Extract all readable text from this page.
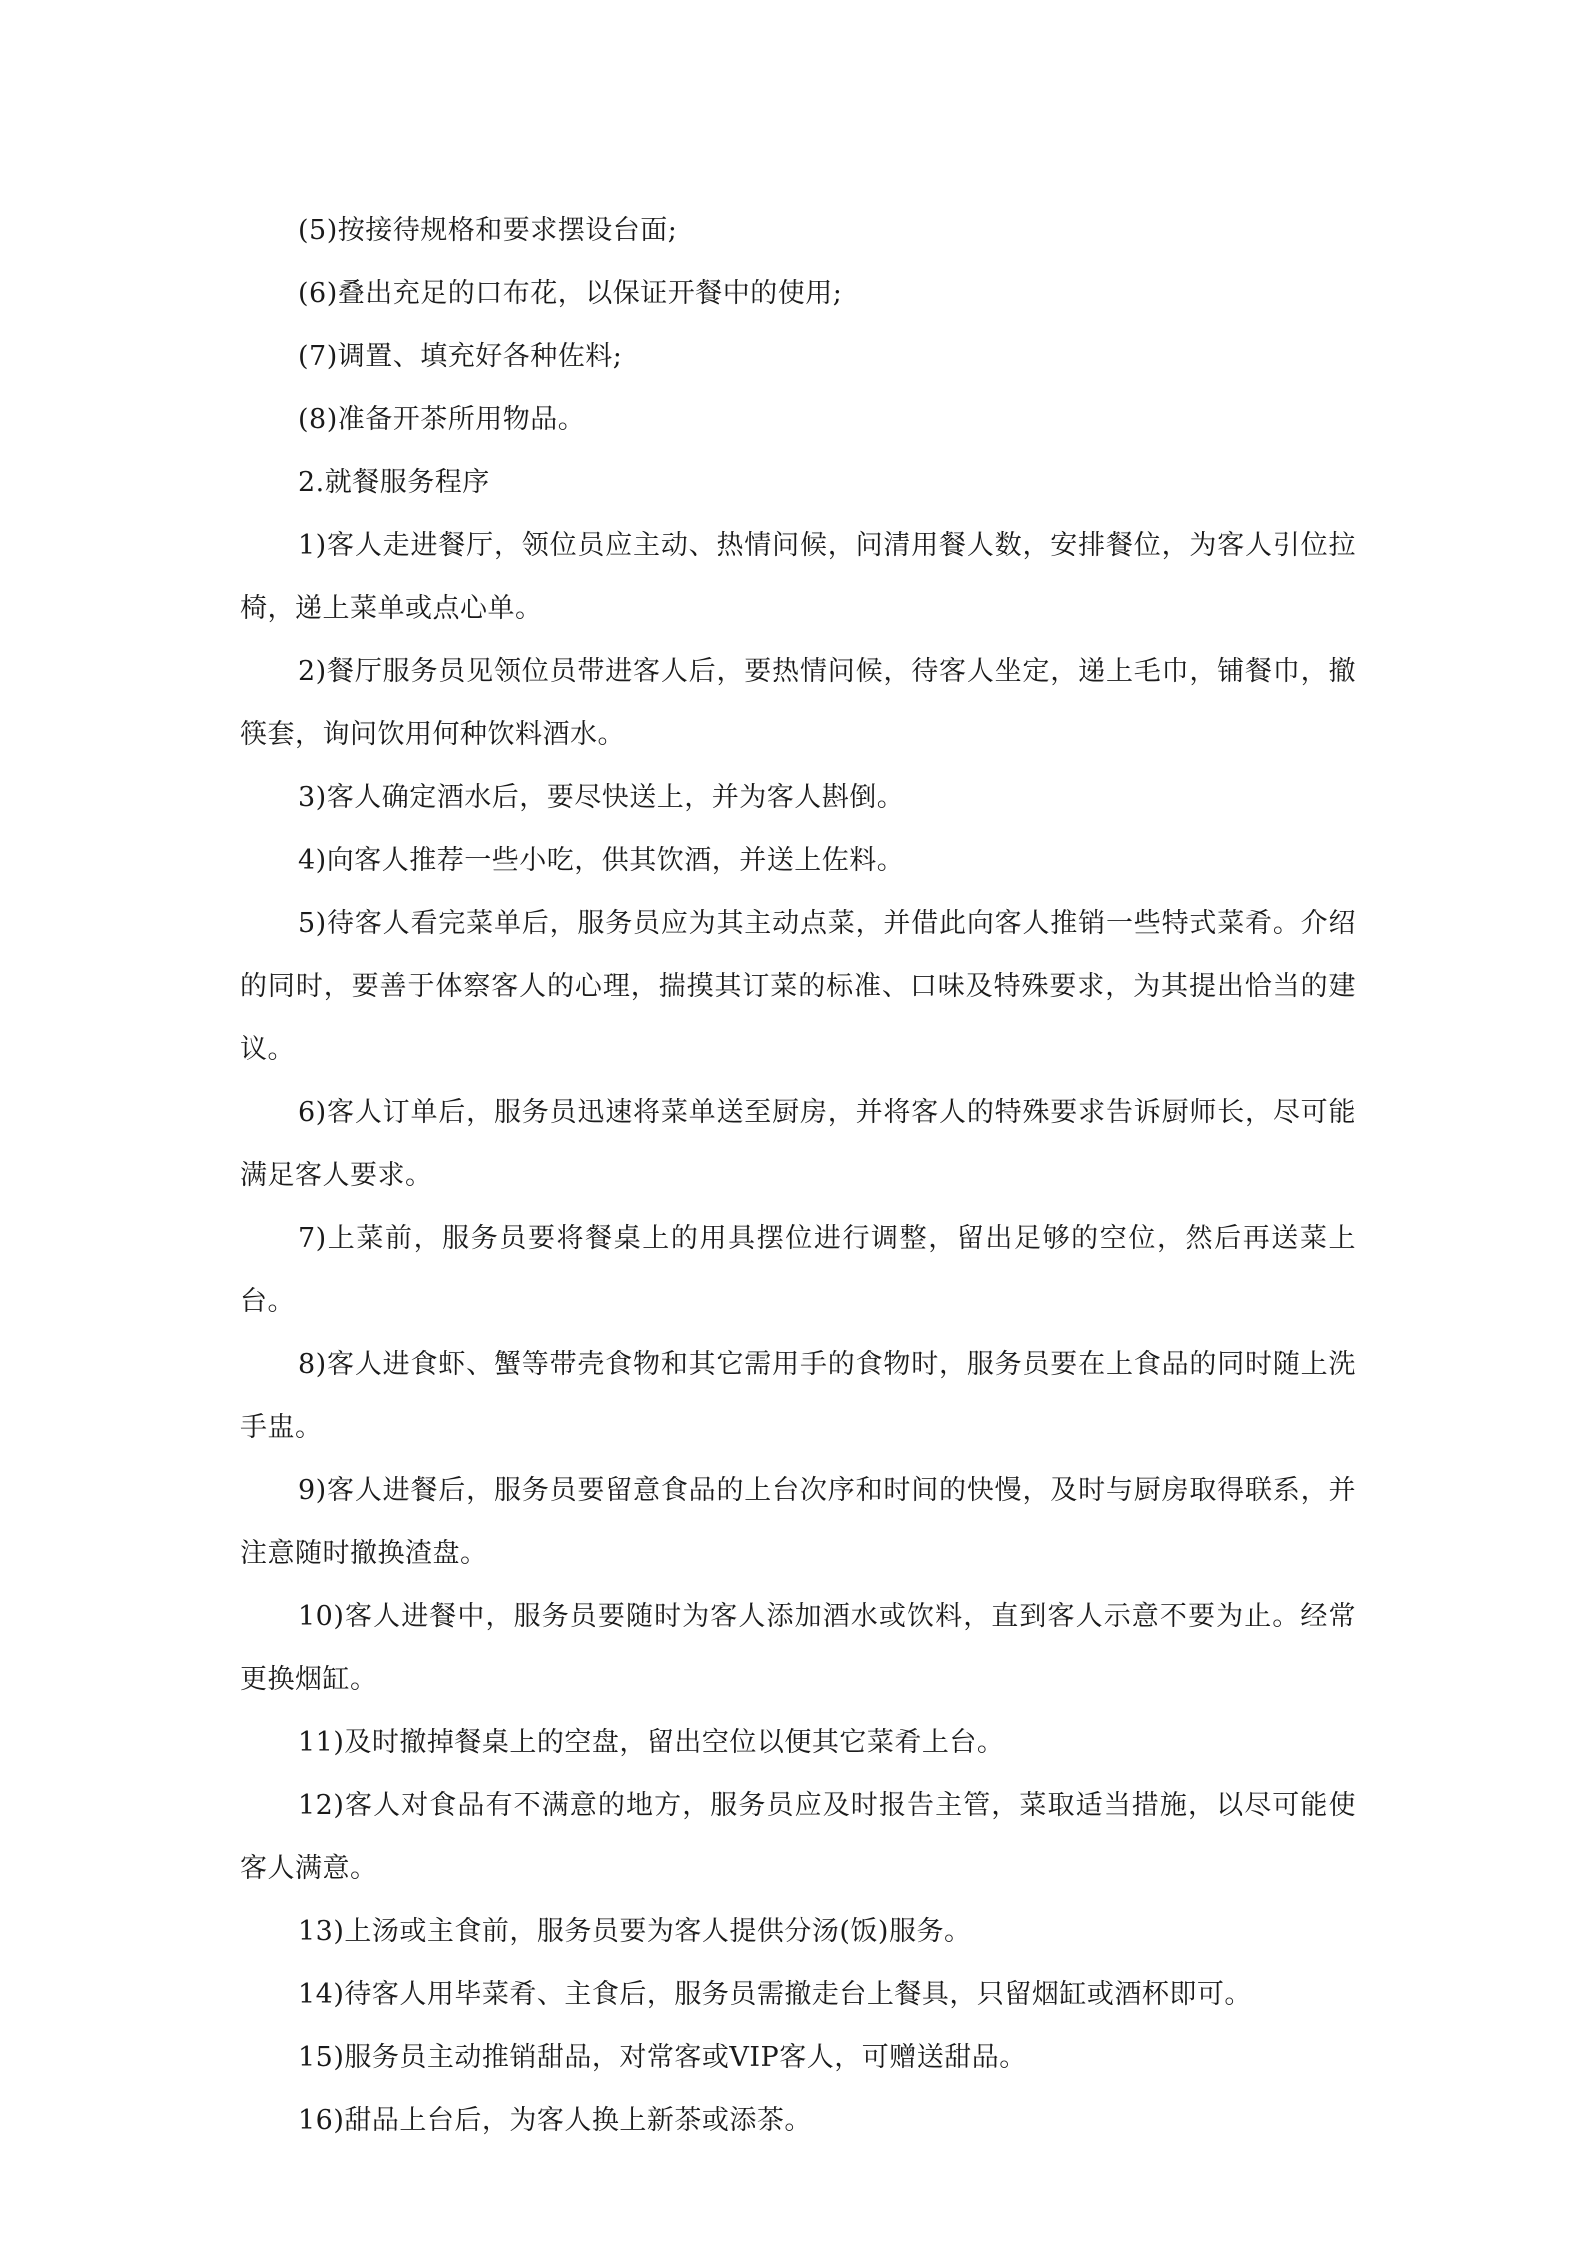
(5)按接待规格和要求摆设台面;

(6)叠出充足的口布花，以保证开餐中的使用;

(7)调置、填充好各种佐料;

(8)准备开茶所用物品。

2.就餐服务程序

1)客人走进餐厅，领位员应主动、热情问候，问清用餐人数，安排餐位，为客人引位拉椅，递上菜单或点心单。

2)餐厅服务员见领位员带进客人后，要热情问候，待客人坐定，递上毛巾，铺餐巾，撤筷套，询问饮用何种饮料酒水。

3)客人确定酒水后，要尽快送上，并为客人斟倒。

4)向客人推荐一些小吃，供其饮酒，并送上佐料。

5)待客人看完菜单后，服务员应为其主动点菜，并借此向客人推销一些特式菜肴。介绍的同时，要善于体察客人的心理，揣摸其订菜的标准、口味及特殊要求，为其提出恰当的建议。

6)客人订单后，服务员迅速将菜单送至厨房，并将客人的特殊要求告诉厨师长，尽可能满足客人要求。

7)上菜前，服务员要将餐桌上的用具摆位进行调整，留出足够的空位，然后再送菜上台。

8)客人进食虾、蟹等带壳食物和其它需用手的食物时，服务员要在上食品的同时随上洗手盅。

9)客人进餐后，服务员要留意食品的上台次序和时间的快慢，及时与厨房取得联系，并注意随时撤换渣盘。

10)客人进餐中，服务员要随时为客人添加酒水或饮料，直到客人示意不要为止。经常更换烟缸。

11)及时撤掉餐桌上的空盘，留出空位以便其它菜肴上台。

12)客人对食品有不满意的地方，服务员应及时报告主管，菜取适当措施，以尽可能使客人满意。

13)上汤或主食前，服务员要为客人提供分汤(饭)服务。

14)待客人用毕菜肴、主食后，服务员需撤走台上餐具，只留烟缸或酒杯即可。

15)服务员主动推销甜品，对常客或VIP客人，可赠送甜品。

16)甜品上台后，为客人换上新茶或添茶。
